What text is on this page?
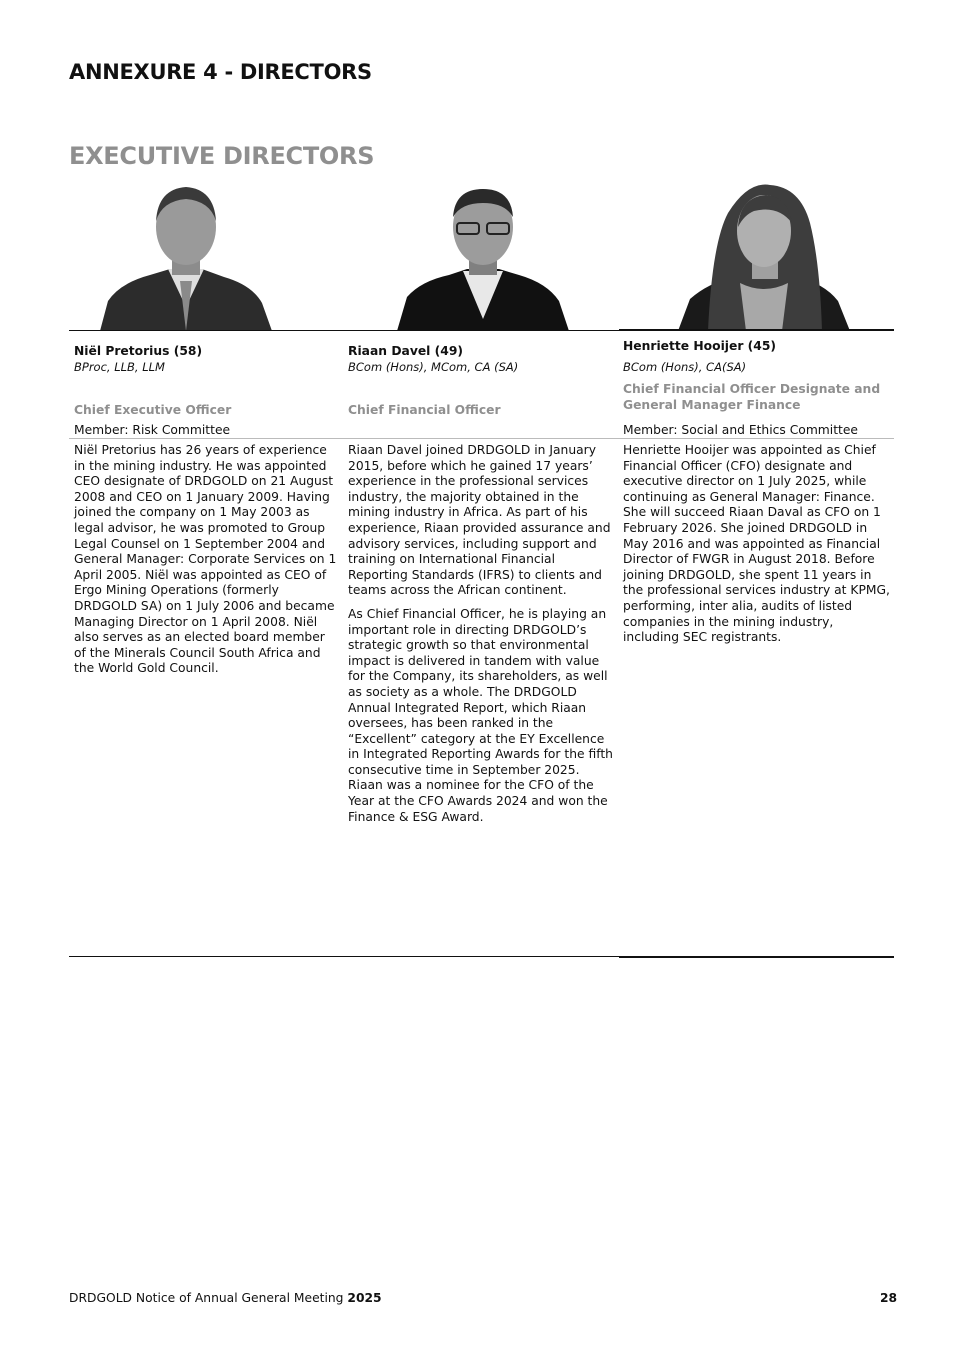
ANNEXURE 4 - DIRECTORS
EXECUTIVE DIRECTORS
Niël Pretorius (58)
BProc, LLB, LLM
Chief Executive Officer
Member: Risk Committee

Niël Pretorius has 26 years of experience in the mining industry. He was appointed CEO designate of DRDGOLD on 21 August 2008 and CEO on 1 January 2009. Having joined the company on 1 May 2003 as legal advisor, he was promoted to Group Legal Counsel on 1 September 2004 and General Manager: Corporate Services on 1 April 2005. Niël was appointed as CEO of Ergo Mining Operations (formerly DRDGOLD SA) on 1 July 2006 and became Managing Director on 1 April 2008. Niël also serves as an elected board member of the Minerals Council South Africa and the World Gold Council.

Riaan Davel (49)
BCom (Hons), MCom, CA (SA)
Chief Financial Officer

Riaan Davel joined DRDGOLD in January 2015, before which he gained 17 years’ experience in the professional services industry, the majority obtained in the mining industry in Africa. As part of his experience, Riaan provided assurance and advisory services, including support and training on International Financial Reporting Standards (IFRS) to clients and teams across the African continent.

As Chief Financial Officer, he is playing an important role in directing DRDGOLD’s strategic growth so that environmental impact is delivered in tandem with value for the Company, its shareholders, as well as society as a whole. The DRDGOLD Annual Integrated Report, which Riaan oversees, has been ranked in the “Excellent” category at the EY Excellence in Integrated Reporting Awards for the fifth consecutive time in September 2025. Riaan was a nominee for the CFO of the Year at the CFO Awards 2024 and won the Finance & ESG Award.

Henriette Hooijer (45)
BCom (Hons), CA(SA)
Chief Financial Officer Designate and General Manager Finance
Member: Social and Ethics Committee

Henriette Hooijer was appointed as Chief Financial Officer (CFO) designate and executive director on 1 July 2025, while continuing as General Manager: Finance. She will succeed Riaan Daval as CFO on 1 February 2026. She joined DRDGOLD in May 2016 and was appointed as Financial Director of FWGR in August 2018. Before joining DRDGOLD, she spent 11 years in the professional services industry at KPMG, performing, inter alia, audits of listed companies in the mining industry, including SEC registrants.

DRDGOLD Notice of Annual General Meeting 2025	28
